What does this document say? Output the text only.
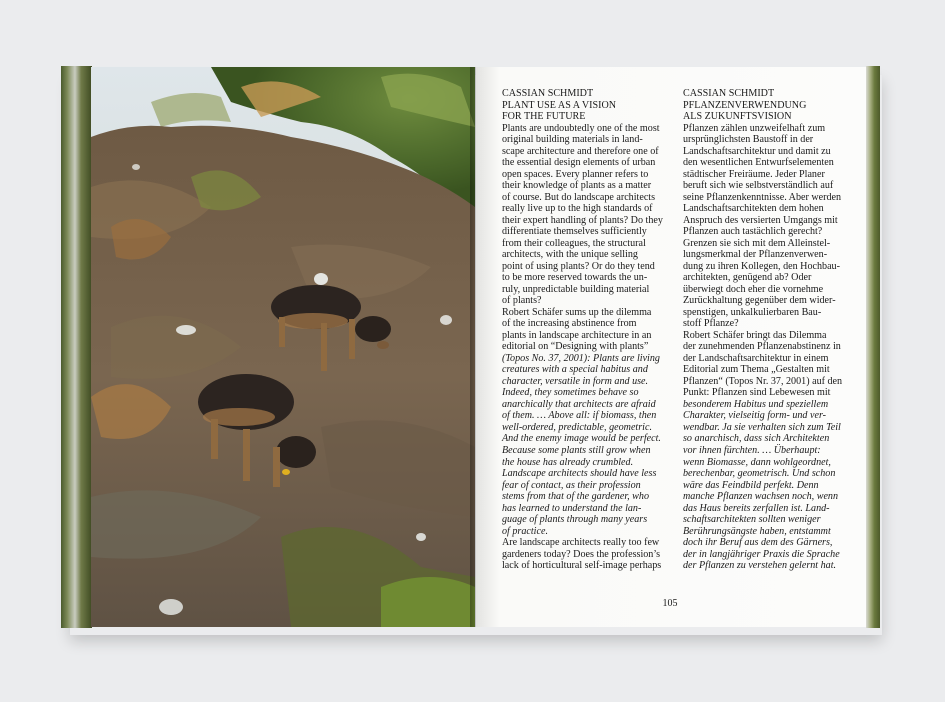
CASSIAN SCHMIDT
PLANT USE AS A VISION
FOR THE FUTURE
Plants are undoubtedly one of the most
original building materials in land-
scape architecture and therefore one of
the essential design elements of urban
open spaces. Every planner refers to
their knowledge of plants as a matter
of course. But do landscape architects
really live up to the high standards of
their expert handling of plants? Do they
differentiate themselves sufficiently
from their colleagues, the structural
architects, with the unique selling
point of using plants? Or do they tend
to be more reserved towards the un-
ruly, unpredictable building material
of plants?
Robert Schäfer sums up the dilemma
of the increasing abstinence from
plants in landscape architecture in an
editorial on “Designing with plants”
(Topos No. 37, 2001): Plants are living
creatures with a special habitus and
character, versatile in form and use.
Indeed, they sometimes behave so
anarchically that architects are afraid
of them. … Above all: if biomass, then
well-ordered, predictable, geometric.
And the enemy image would be perfect.
Because some plants still grow when
the house has already crumbled.
Landscape architects should have less
fear of contact, as their profession
stems from that of the gardener, who
has learned to understand the lan-
guage of plants through many years
of practice.
Are landscape architects really too few
gardeners today? Does the profession’s
lack of horticultural self-image perhaps
CASSIAN SCHMIDT
PFLANZENVERWENDUNG
ALS ZUKUNFTSVISION
Pflanzen zählen unzweifelhaft zum
ursprünglichsten Baustoff in der
Landschaftsarchitektur und damit zu
den wesentlichen Entwurfselementen
städtischer Freiräume. Jeder Planer
beruft sich wie selbstverständlich auf
seine Pflanzenkenntnisse. Aber werden
Landschaftsarchitekten dem hohen
Anspruch des versierten Umgangs mit
Pflanzen auch tastächlich gerecht?
Grenzen sie sich mit dem Alleinstel-
lungsmerkmal der Pflanzenverwen-
dung zu ihren Kollegen, den Hochbau-
architekten, genügend ab? Oder
überwiegt doch eher die vornehme
Zurückhaltung gegenüber dem wider-
spenstigen, unkalkulierbaren Bau-
stoff Pflanze?
Robert Schäfer bringt das Dilemma
der zunehmenden Pflanzenabstinenz in
der Landschaftsarchitektur in einem
Editorial zum Thema „Gestalten mit
Pflanzen“ (Topos Nr. 37, 2001) auf den
Punkt: Pflanzen sind Lebewesen mit
besonderem Habitus und speziellem
Charakter, vielseitig form- und ver-
wendbar. Ja sie verhalten sich zum Teil
so anarchisch, dass sich Architekten
vor ihnen fürchten. … Überhaupt:
wenn Biomasse, dann wohlgeordnet,
berechenbar, geometrisch. Und schon
wäre das Feindbild perfekt. Denn
manche Pflanzen wachsen noch, wenn
das Haus bereits zerfallen ist. Land-
schaftsarchitekten sollten weniger
Berührungsängste haben, entstammt
doch ihr Beruf aus dem des Gärners,
der in langjähriger Praxis die Sprache
der Pflanzen zu verstehen gelernt hat.
105
